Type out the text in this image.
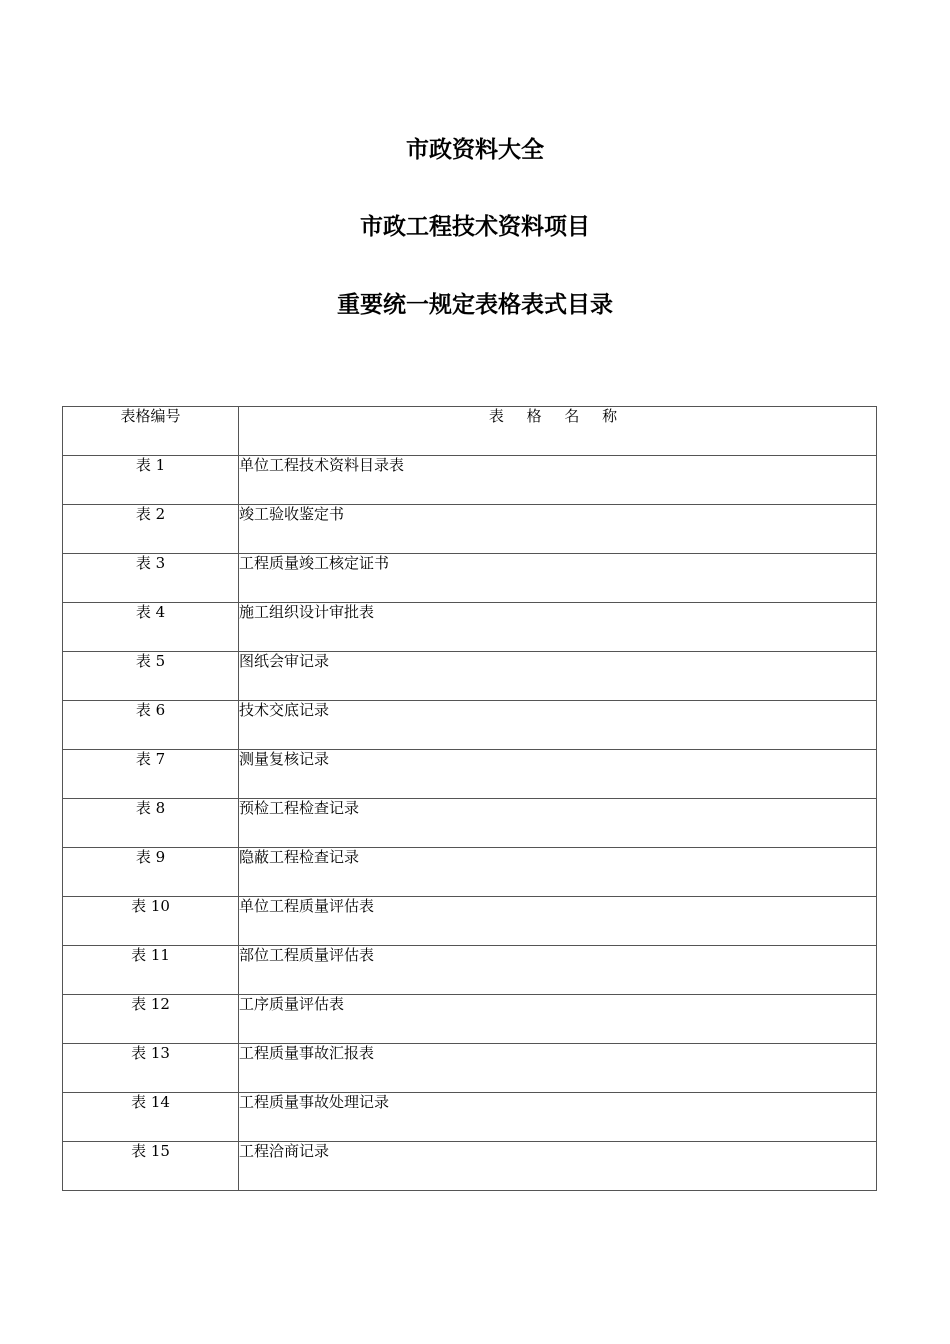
市政资料大全
市政工程技术资料项目
重要统一规定表格表式目录
表格编号	表 格 名 称
表 1	单位工程技术资料目录表
表 2	竣工验收鉴定书
表 3	工程质量竣工核定证书
表 4	施工组织设计审批表
表 5	图纸会审记录
表 6	技术交底记录
表 7	测量复核记录
表 8	预检工程检查记录
表 9	隐蔽工程检查记录
表 10	单位工程质量评估表
表 11	部位工程质量评估表
表 12	工序质量评估表
表 13	工程质量事故汇报表
表 14	工程质量事故处理记录
表 15	工程洽商记录
